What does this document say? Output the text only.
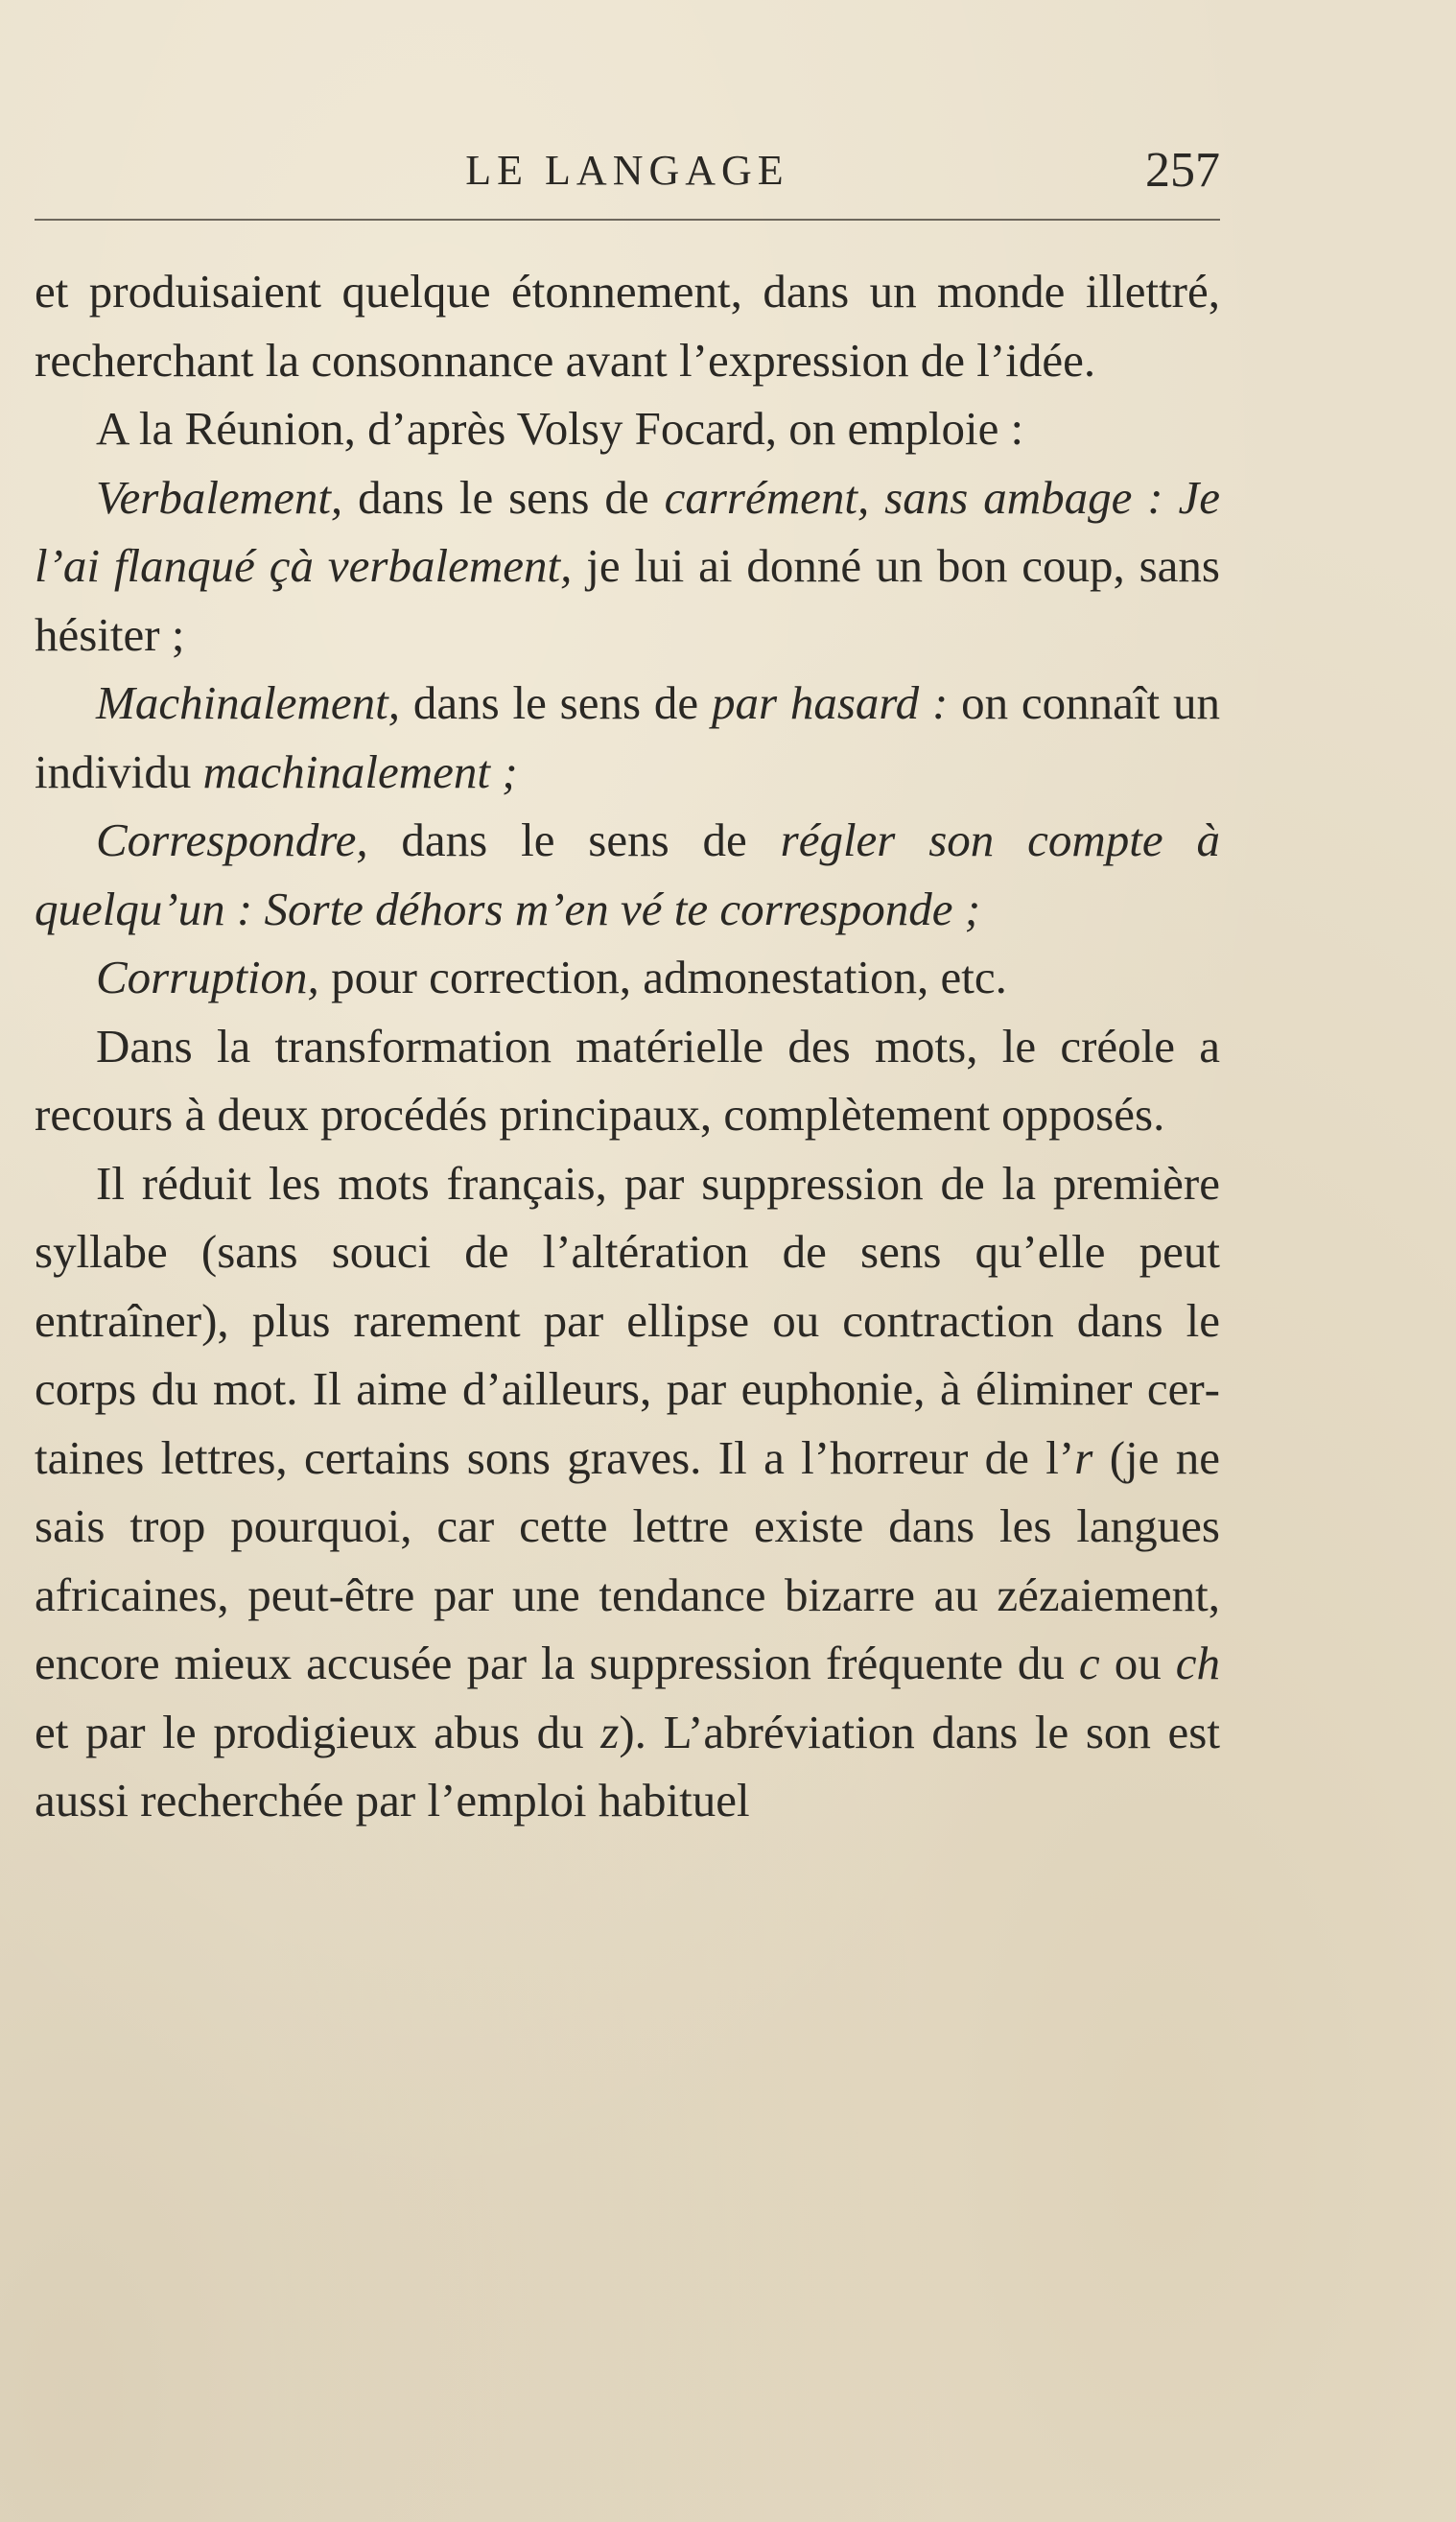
LE LANGAGE	257

et produisaient quelque étonnement, dans un monde illettré, recherchant la consonnance avant l’expression de l’idée.

A la Réunion, d’après Volsy Focard, on emploie :

Verbalement, dans le sens de carrément, sans ambage : Je l’ai flanqué çà verbalement, je lui ai donné un bon coup, sans hésiter ;

Machinalement, dans le sens de par hasard : on connaît un individu machinalement ;

Correspondre, dans le sens de régler son compte à quelqu’un : Sorte déhors m’en vé te corresponde ;

Corruption, pour correction, admonestation, etc.

Dans la transformation matérielle des mots, le créole a recours à deux procédés principaux, complètement opposés.

Il réduit les mots français, par suppression de la première syllabe (sans souci de l’altération de sens qu’elle peut entraîner), plus rarement par ellipse ou contraction dans le corps du mot. Il aime d’ailleurs, par euphonie, à éliminer certaines lettres, certains sons graves. Il a l’horreur de l’r (je ne sais trop pourquoi, car cette lettre existe dans les langues africaines, peut-être par une tendance bizarre au zézaiement, encore mieux accusée par la suppression fréquente du c ou ch et par le prodigieux abus du z). L’abréviation dans le son est aussi recherchée par l’emploi habituel
